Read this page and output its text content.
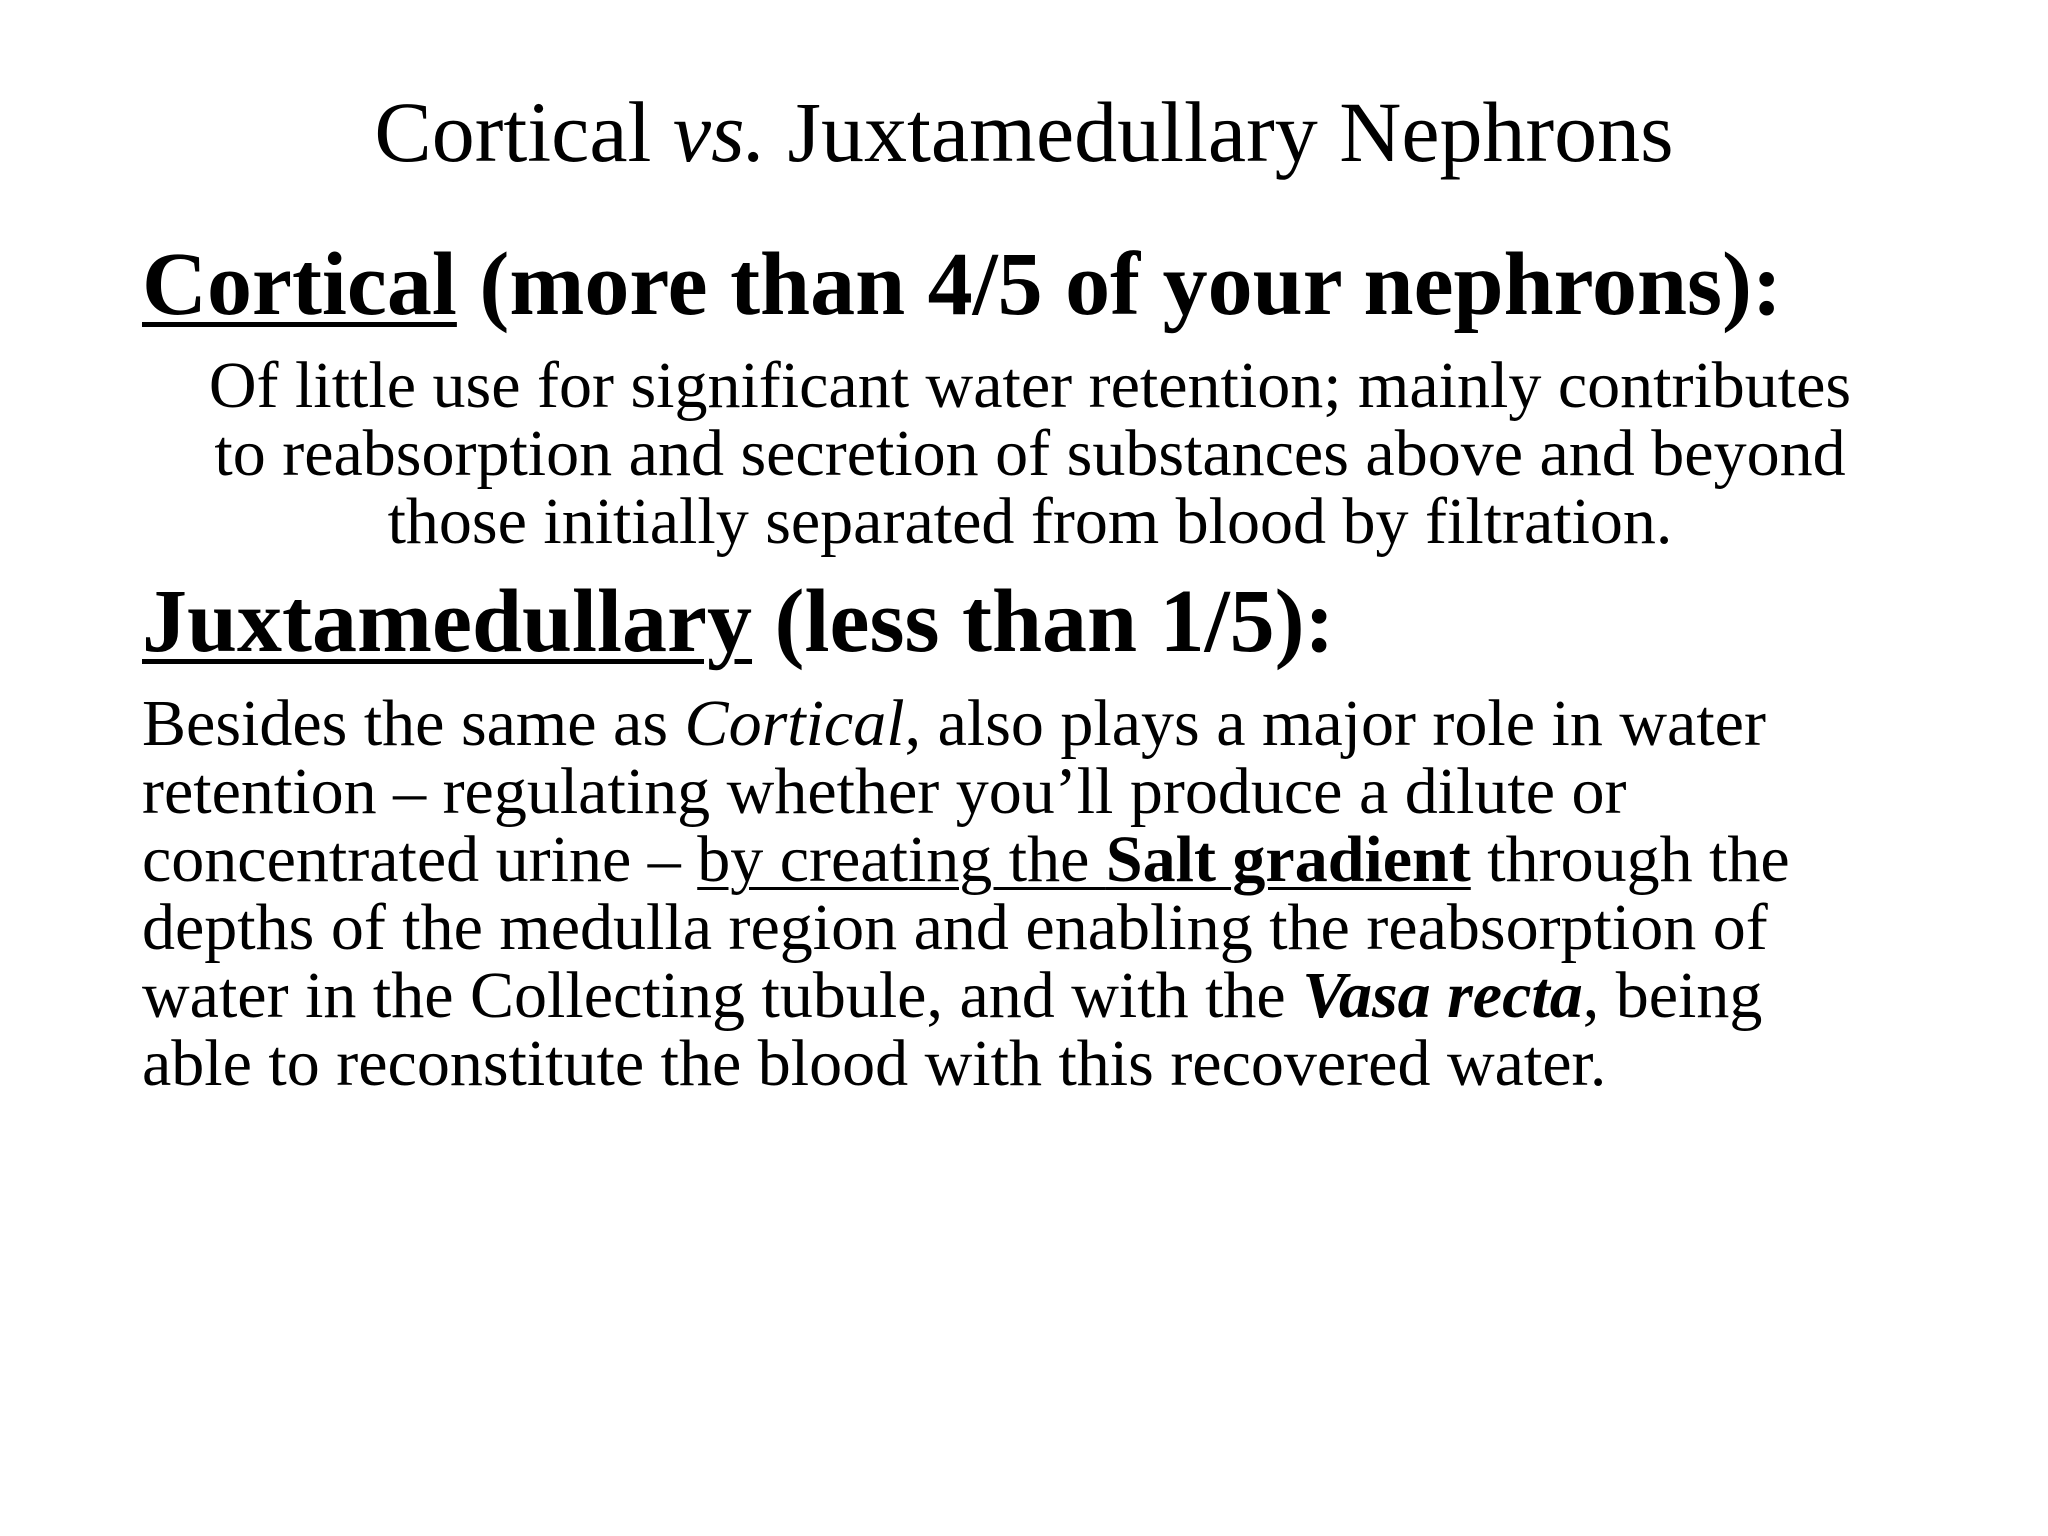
Cortical vs. Juxtamedullary Nephrons
Cortical (more than 4/5 of your nephrons):

Of little use for significant water retention; mainly contributes
to reabsorption and secretion of substances above and beyond
those initially separated from blood by filtration.

Juxtamedullary (less than 1/5):

Besides the same as Cortical, also plays a major role in water
retention – regulating whether you’ll produce a dilute or
concentrated urine – by creating the Salt gradient through the
depths of the medulla region and enabling the reabsorption of
water in the Collecting tubule, and with the Vasa recta, being
able to reconstitute the blood with this recovered water.
